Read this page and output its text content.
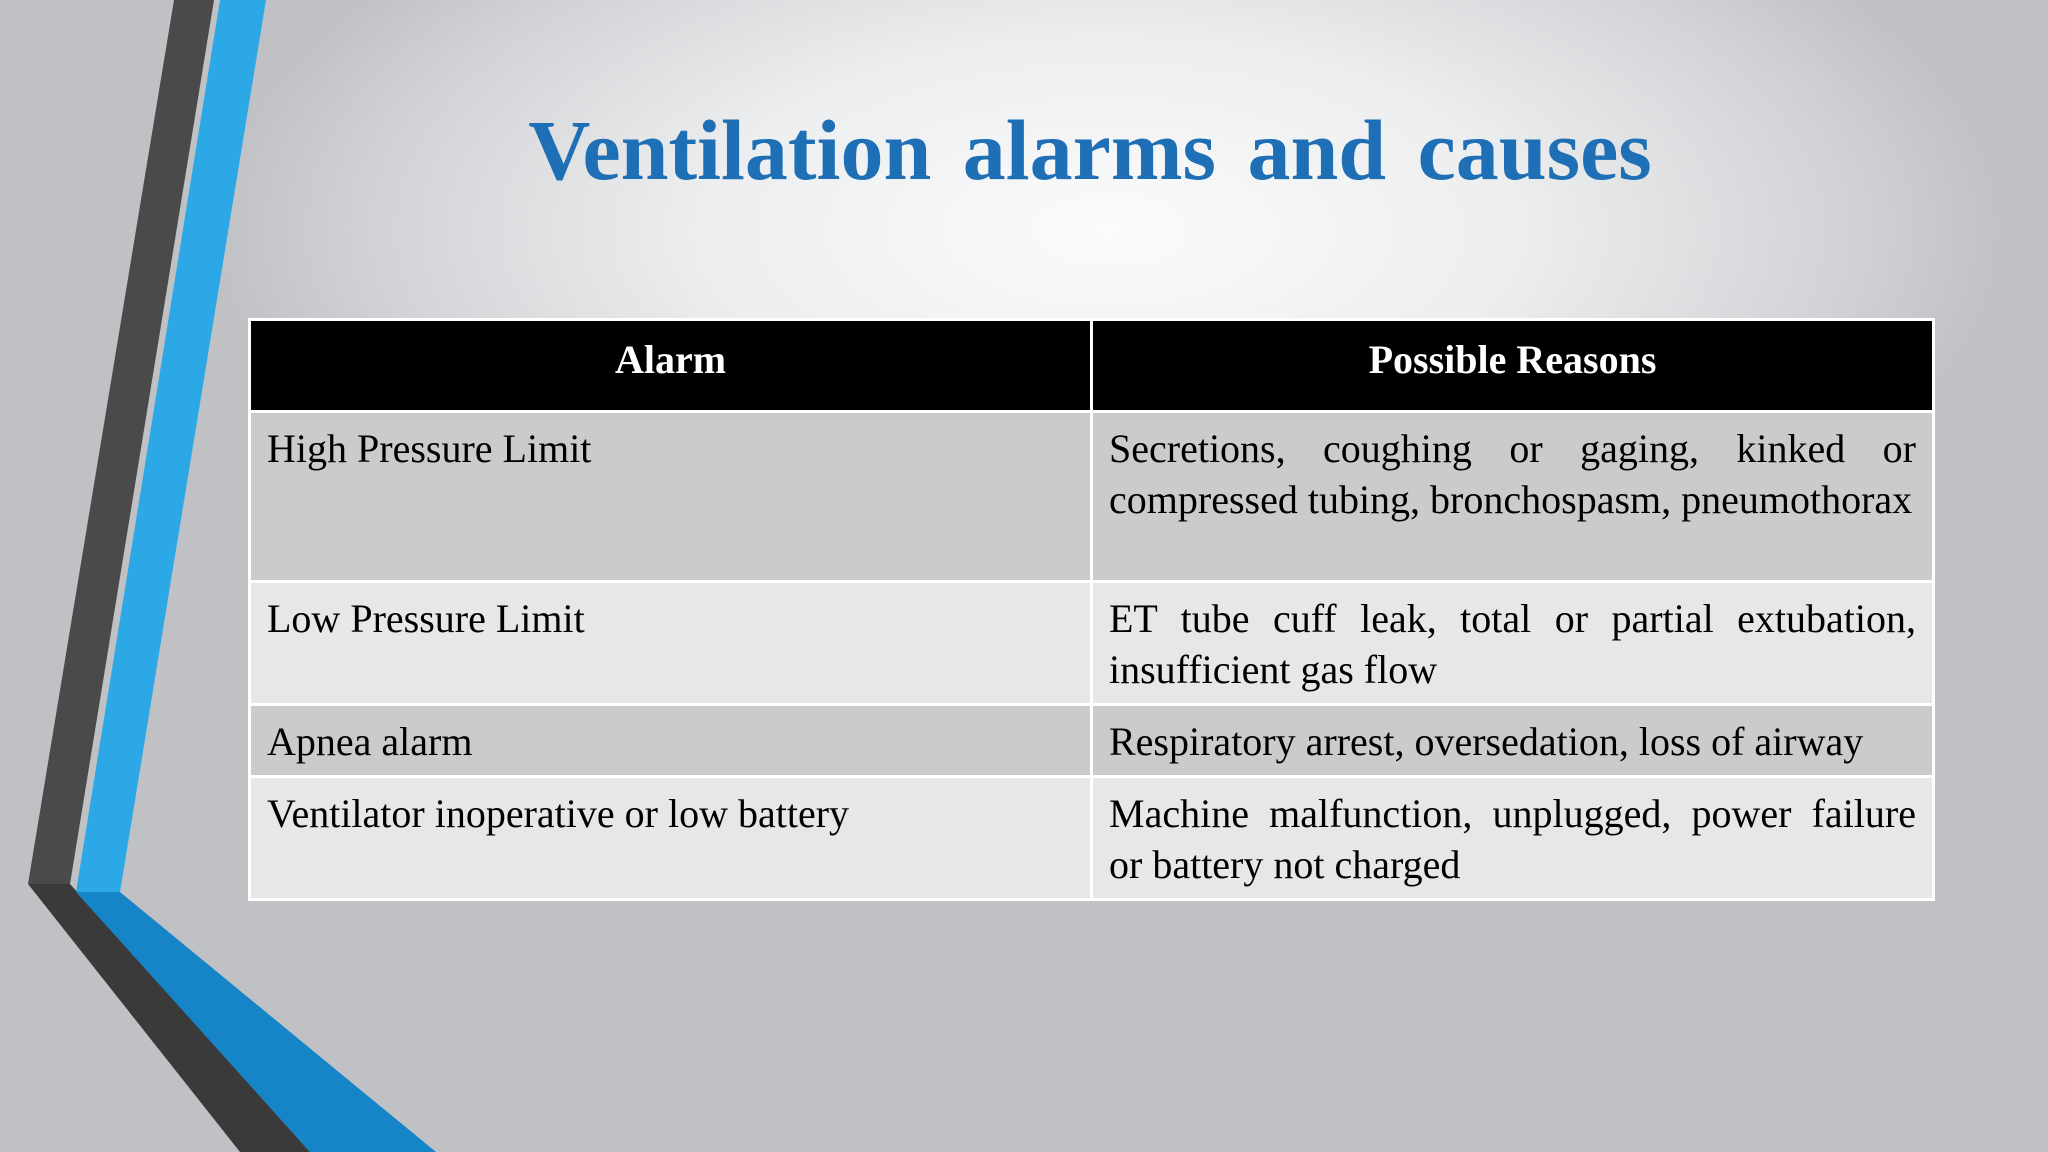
Ventilation alarms and causes
Alarm	Possible Reasons
High Pressure Limit	Secretions, coughing or gaging, kinked or compressed tubing, bronchospasm, pneumothorax
Low Pressure Limit	ET tube cuff leak, total or partial extubation, insufficient gas flow
Apnea alarm	Respiratory arrest, oversedation, loss of airway
Ventilator inoperative or low battery	Machine malfunction, unplugged, power failure or battery not charged
